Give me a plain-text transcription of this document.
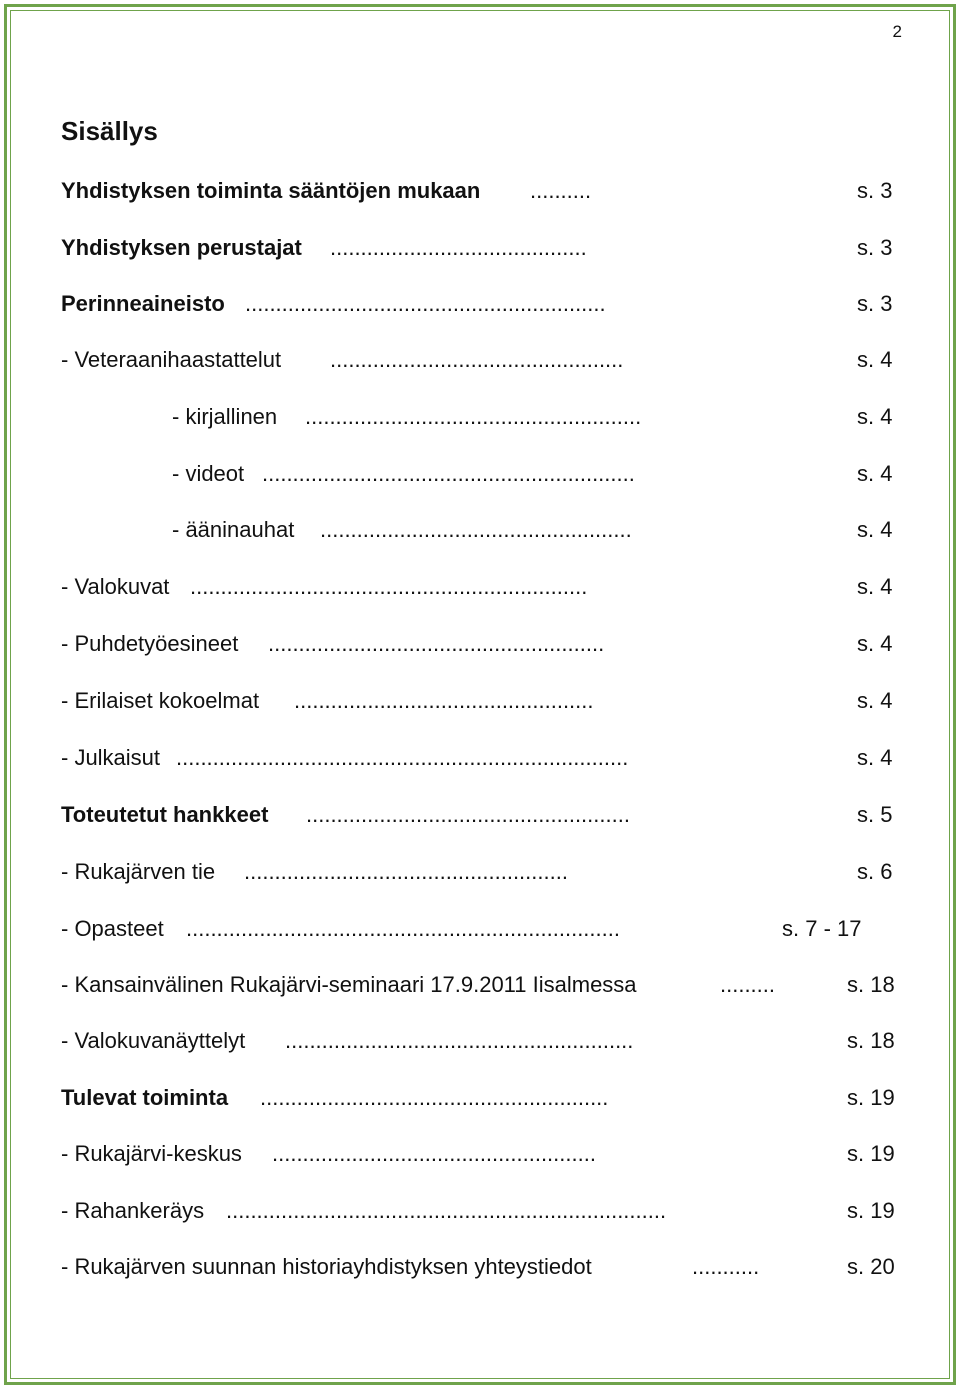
2
Sisällys
Yhdistyksen toiminta sääntöjen mukaan ..........	s. 3
Yhdistyksen perustajat ..........................................	s. 3
Perinneaineisto ...........................................................	s. 3
- Veteraanihaastattelut ................................................	s. 4
- kirjallinen .......................................................	s. 4
- videot .............................................................	s. 4
- ääninauhat ...................................................	s. 4
- Valokuvat .................................................................	s. 4
- Puhdetyöesineet .......................................................	s. 4
- Erilaiset kokoelmat .................................................	s. 4
- Julkaisut ..........................................................................	s. 4
Toteutetut hankkeet .....................................................	s. 5
- Rukajärven tie .....................................................	s. 6
- Opasteet .......................................................................	s. 7 - 17
- Kansainvälinen Rukajärvi-seminaari 17.9.2011 Iisalmessa	.........	s. 18
- Valokuvanäyttelyt .........................................................	s. 18
Tulevat toiminta .........................................................	s. 19
- Rukajärvi-keskus .....................................................	s. 19
- Rahankeräys ........................................................................	s. 19
- Rukajärven suunnan historiayhdistyksen yhteystiedot	...........	s. 20
